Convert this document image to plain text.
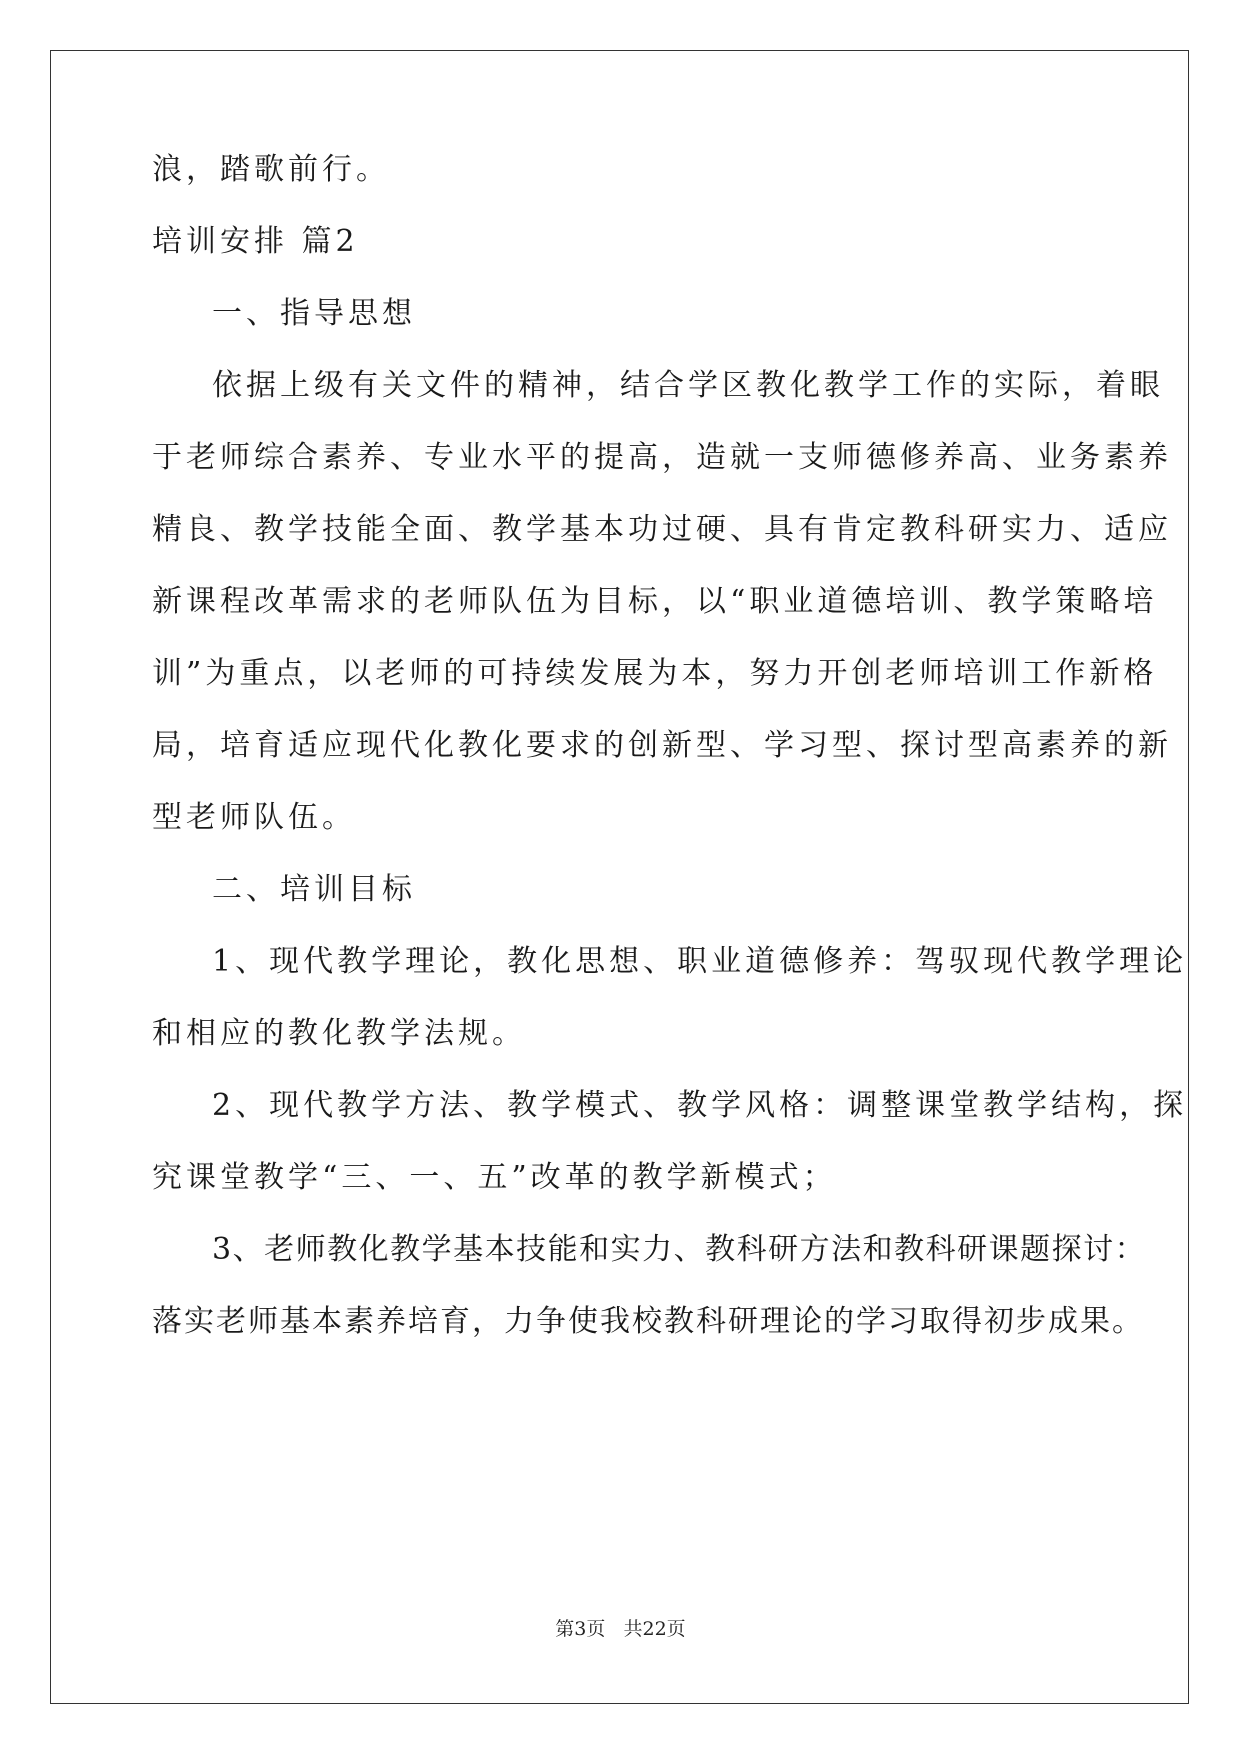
浪，踏歌前行。

培训安排 篇2

一、指导思想

依据上级有关文件的精神，结合学区教化教学工作的实际，着眼

于老师综合素养、专业水平的提高，造就一支师德修养高、业务素养

精良、教学技能全面、教学基本功过硬、具有肯定教科研实力、适应

新课程改革需求的老师队伍为目标，以“职业道德培训、教学策略培

训”为重点，以老师的可持续发展为本，努力开创老师培训工作新格

局，培育适应现代化教化要求的创新型、学习型、探讨型高素养的新

型老师队伍。

二、培训目标

1、现代教学理论，教化思想、职业道德修养：驾驭现代教学理论

和相应的教化教学法规。

2、现代教学方法、教学模式、教学风格：调整课堂教学结构，探

究课堂教学“三、一、五”改革的教学新模式；

3、老师教化教学基本技能和实力、教科研方法和教科研课题探讨：

落实老师基本素养培育，力争使我校教科研理论的学习取得初步成果。

第3页   共22页
